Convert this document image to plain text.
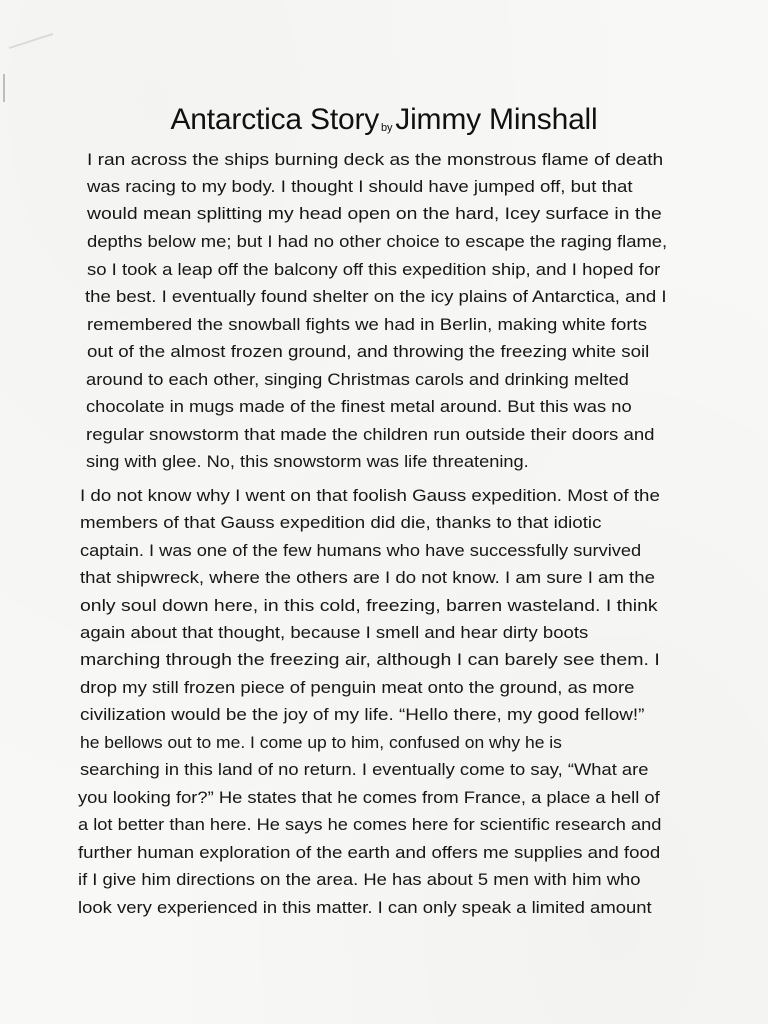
Antarctica Story by Jimmy Minshall
I ran across the ships burning deck as the monstrous flame of death
was racing to my body. I thought I should have jumped off, but that
would mean splitting my head open on the hard, Icey surface in the
depths below me; but I had no other choice to escape the raging flame,
so I took a leap off the balcony off this expedition ship, and I hoped for
the best. I eventually found shelter on the icy plains of Antarctica, and I
remembered the snowball fights we had in Berlin, making white forts
out of the almost frozen ground, and throwing the freezing white soil
around to each other, singing Christmas carols and drinking melted
chocolate in mugs made of the finest metal around. But this was no
regular snowstorm that made the children run outside their doors and
sing with glee. No, this snowstorm was life threatening.
I do not know why I went on that foolish Gauss expedition. Most of the
members of that Gauss expedition did die, thanks to that idiotic
captain. I was one of the few humans who have successfully survived
that shipwreck, where the others are I do not know. I am sure I am the
only soul down here, in this cold, freezing, barren wasteland. I think
again about that thought, because I smell and hear dirty boots
marching through the freezing air, although I can barely see them. I
drop my still frozen piece of penguin meat onto the ground, as more
civilization would be the joy of my life. “Hello there, my good fellow!”
he bellows out to me. I come up to him, confused on why he is
searching in this land of no return. I eventually come to say, “What are
you looking for?” He states that he comes from France, a place a hell of
a lot better than here. He says he comes here for scientific research and
further human exploration of the earth and offers me supplies and food
if I give him directions on the area. He has about 5 men with him who
look very experienced in this matter. I can only speak a limited amount
